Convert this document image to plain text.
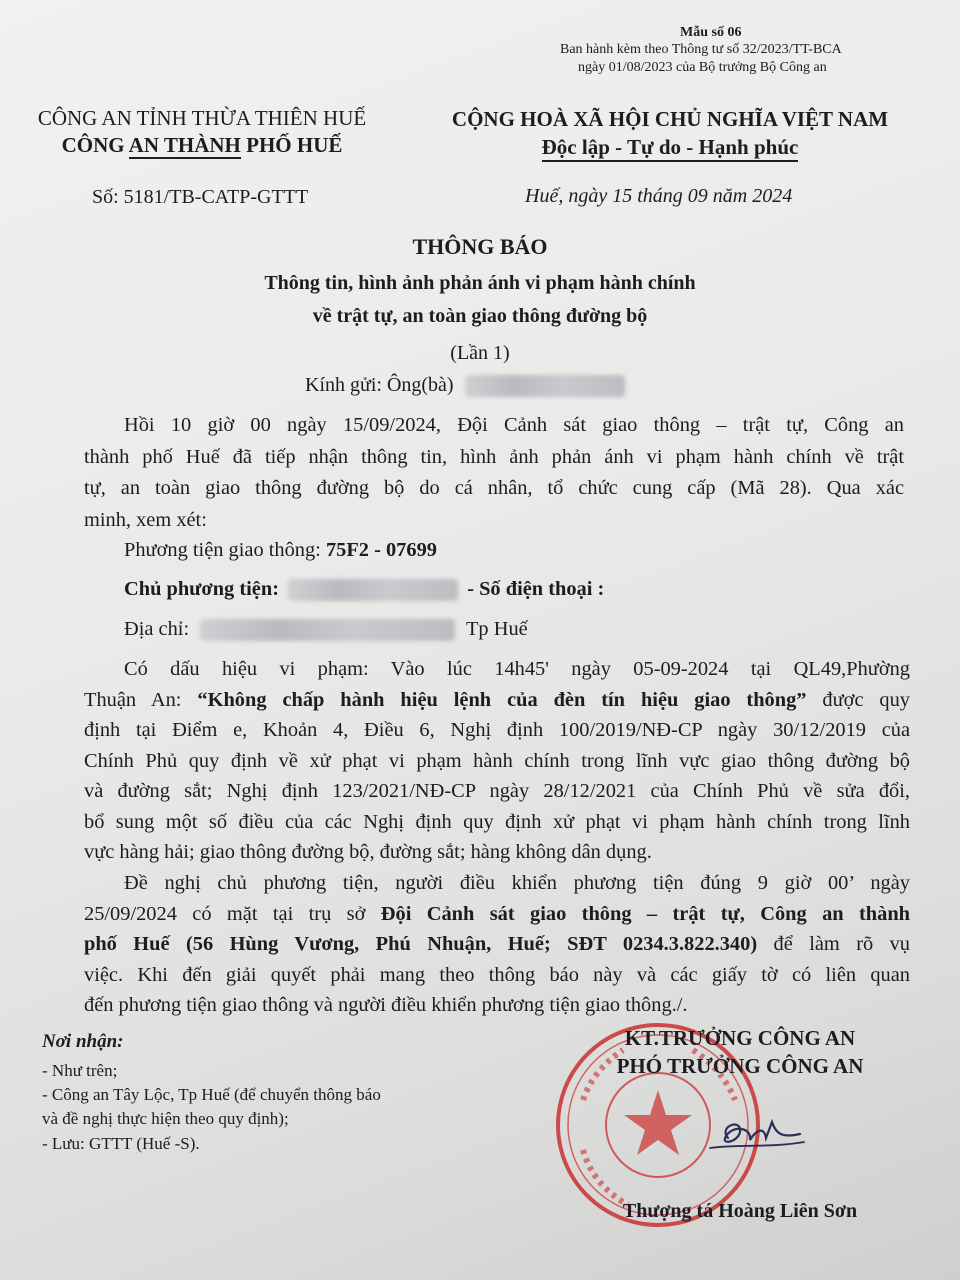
Mẫu số 06
Ban hành kèm theo Thông tư số 32/2023/TT-BCA
ngày 01/08/2023 của Bộ trưởng Bộ Công an
CÔNG AN TỈNH THỪA THIÊN HUẾ
CÔNG AN THÀNH PHỐ HUẾ
CỘNG HOÀ XÃ HỘI CHỦ NGHĨA VIỆT NAM
Độc lập - Tự do - Hạnh phúc
Số: 5181/TB-CATP-GTTT	Huế, ngày 15 tháng 09 năm 2024
THÔNG BÁO
Thông tin, hình ảnh phản ánh vi phạm hành chính
về trật tự, an toàn giao thông đường bộ
(Lần 1)
Kính gửi: Ông(bà)
Hồi 10 giờ 00 ngày 15/09/2024, Đội Cảnh sát giao thông – trật tự, Công an
thành phố Huế đã tiếp nhận thông tin, hình ảnh phản ánh vi phạm hành chính về trật
tự, an toàn giao thông đường bộ do cá nhân, tổ chức cung cấp (Mã 28). Qua xác
minh, xem xét:
Phương tiện giao thông: 75F2 - 07699
Chủ phương tiện:	- Số điện thoại :
Địa chỉ:	Tp Huế
Có dấu hiệu vi phạm: Vào lúc 14h45' ngày 05-09-2024 tại QL49,Phường
Thuận An: “Không chấp hành hiệu lệnh của đèn tín hiệu giao thông” được quy
định tại Điểm e, Khoản 4, Điều 6, Nghị định 100/2019/NĐ-CP ngày 30/12/2019 của
Chính Phủ quy định về xử phạt vi phạm hành chính trong lĩnh vực giao thông đường bộ
và đường sắt; Nghị định 123/2021/NĐ-CP ngày 28/12/2021 của Chính Phủ về sửa đổi,
bổ sung một số điều của các Nghị định quy định xử phạt vi phạm hành chính trong lĩnh
vực hàng hải; giao thông đường bộ, đường sắt; hàng không dân dụng.
Đề nghị chủ phương tiện, người điều khiển phương tiện đúng 9 giờ 00’ ngày
25/09/2024 có mặt tại trụ sở Đội Cảnh sát giao thông – trật tự, Công an thành
phố Huế (56 Hùng Vương, Phú Nhuận, Huế; SĐT 0234.3.822.340) để làm rõ vụ
việc. Khi đến giải quyết phải mang theo thông báo này và các giấy tờ có liên quan
đến phương tiện giao thông và người điều khiển phương tiện giao thông./.
Nơi nhận:
- Như trên;
- Công an Tây Lộc, Tp Huế (để chuyển thông báo
và đề nghị thực hiện theo quy định);
- Lưu: GTTT (Huế -S).
KT.TRƯỞNG CÔNG AN
PHÓ TRƯỞNG CÔNG AN
Thượng tá Hoàng Liên Sơn
